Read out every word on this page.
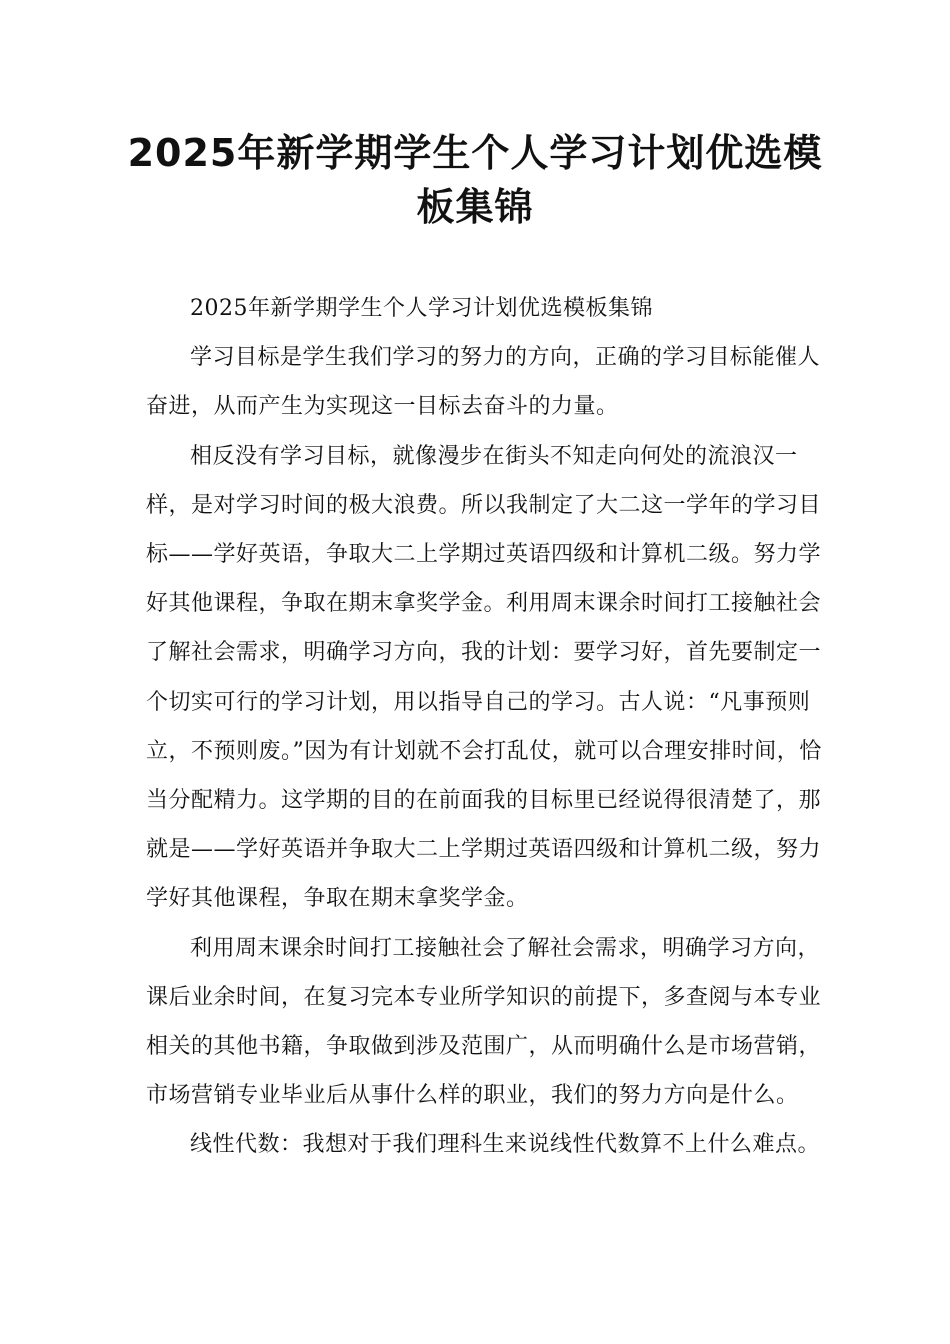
2025年新学期学生个人学习计划优选模
板集锦

2025年新学期学生个人学习计划优选模板集锦

学习目标是学生我们学习的努力的方向，正确的学习目标能催人奋进，从而产生为实现这一目标去奋斗的力量。

相反没有学习目标，就像漫步在街头不知走向何处的流浪汉一样，是对学习时间的极大浪费。所以我制定了大二这一学年的学习目标——学好英语，争取大二上学期过英语四级和计算机二级。努力学好其他课程，争取在期末拿奖学金。利用周末课余时间打工接触社会了解社会需求，明确学习方向，我的计划：要学习好，首先要制定一个切实可行的学习计划，用以指导自己的学习。古人说：“凡事预则立，不预则废。”因为有计划就不会打乱仗，就可以合理安排时间，恰当分配精力。这学期的目的在前面我的目标里已经说得很清楚了，那就是——学好英语并争取大二上学期过英语四级和计算机二级，努力学好其他课程，争取在期末拿奖学金。

利用周末课余时间打工接触社会了解社会需求，明确学习方向，课后业余时间，在复习完本专业所学知识的前提下，多查阅与本专业相关的其他书籍，争取做到涉及范围广，从而明确什么是市场营销，市场营销专业毕业后从事什么样的职业，我们的努力方向是什么。

线性代数：我想对于我们理科生来说线性代数算不上什么难点。
